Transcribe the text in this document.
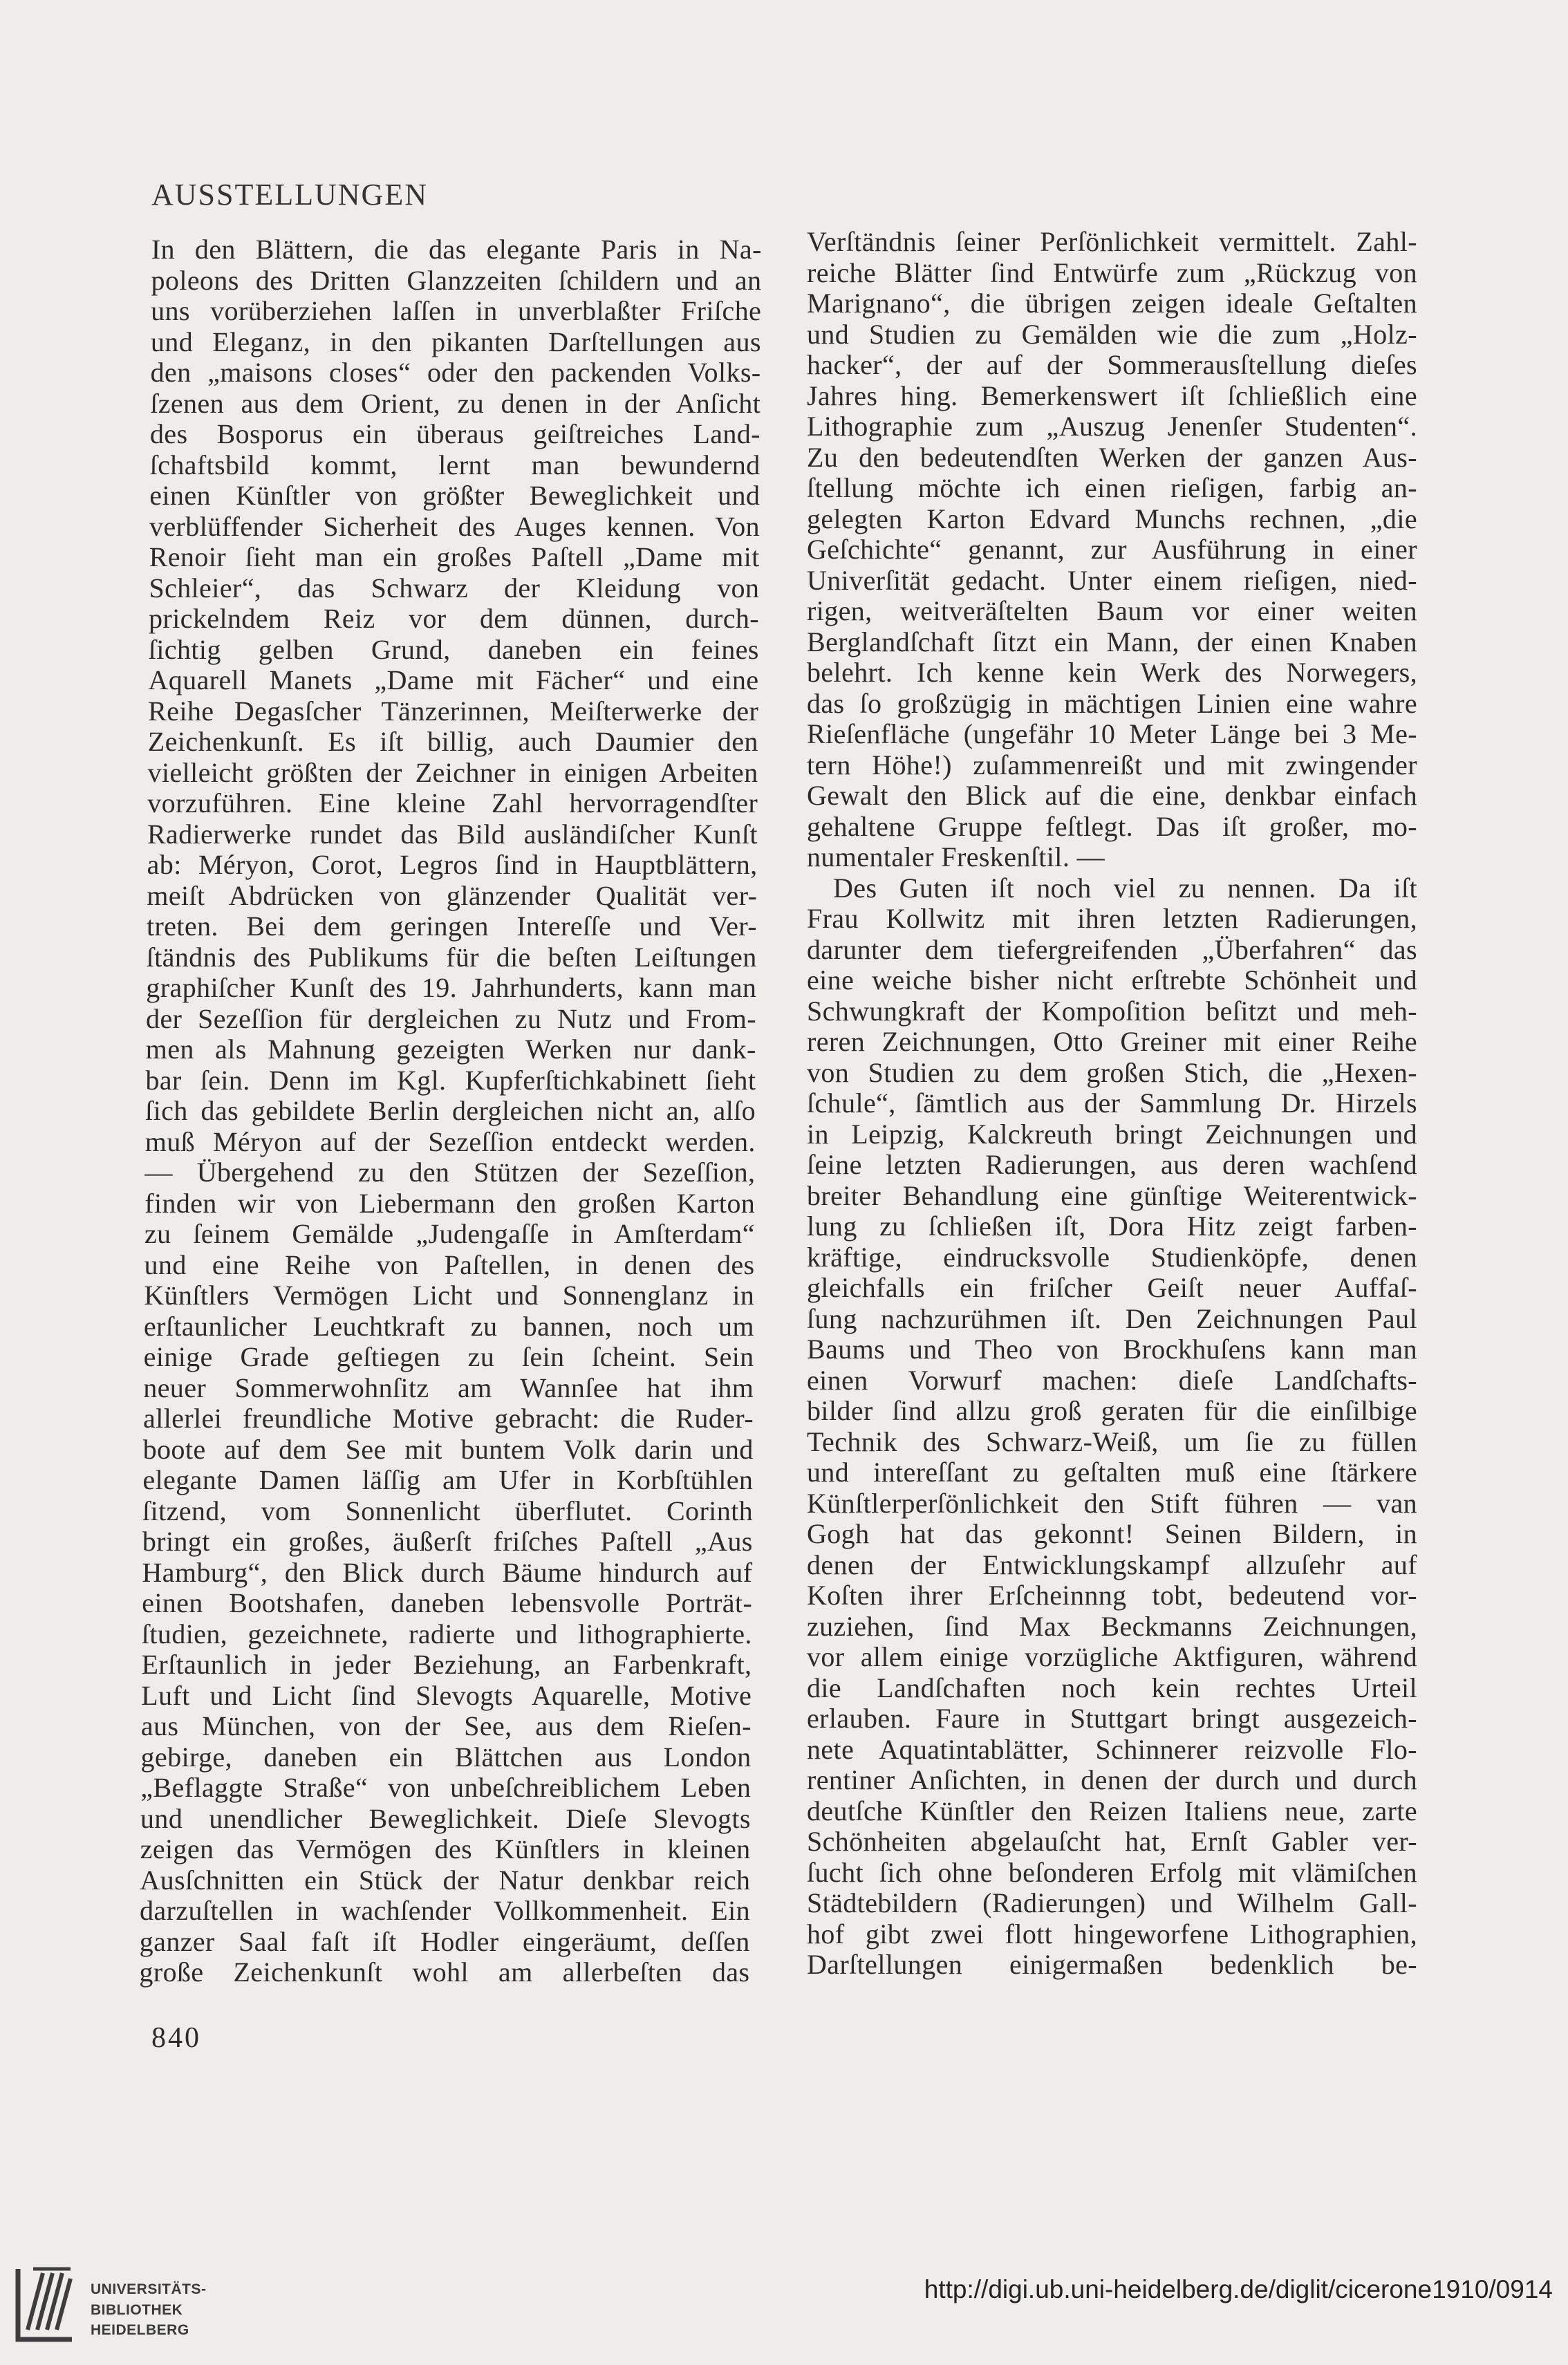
AUSSTELLUNGEN
In den Blättern, die das elegante Paris in Na-
poleons des Dritten Glanzzeiten ſchildern und an
uns vorüberziehen laſſen in unverblaßter Friſche
und Eleganz, in den pikanten Darſtellungen aus
den „maisons closes“ oder den packenden Volks-
ſzenen aus dem Orient, zu denen in der Anſicht
des Bosporus ein überaus geiſtreiches Land-
ſchaftsbild kommt, lernt man bewundernd
einen Künſtler von größter Beweglichkeit und
verblüffender Sicherheit des Auges kennen. Von
Renoir ſieht man ein großes Paſtell „Dame mit
Schleier“, das Schwarz der Kleidung von
prickelndem Reiz vor dem dünnen, durch-
ſichtig gelben Grund, daneben ein feines
Aquarell Manets „Dame mit Fächer“ und eine
Reihe Degasſcher Tänzerinnen, Meiſterwerke der
Zeichenkunſt. Es iſt billig, auch Daumier den
vielleicht größten der Zeichner in einigen Arbeiten
vorzuführen. Eine kleine Zahl hervorragendſter
Radierwerke rundet das Bild ausländiſcher Kunſt
ab: Méryon, Corot, Legros ſind in Hauptblättern,
meiſt Abdrücken von glänzender Qualität ver-
treten. Bei dem geringen Intereſſe und Ver-
ſtändnis des Publikums für die beſten Leiſtungen
graphiſcher Kunſt des 19. Jahrhunderts, kann man
der Sezeſſion für dergleichen zu Nutz und From-
men als Mahnung gezeigten Werken nur dank-
bar ſein. Denn im Kgl. Kupferſtichkabinett ſieht
ſich das gebildete Berlin dergleichen nicht an, alſo
muß Méryon auf der Sezeſſion entdeckt werden.
— Übergehend zu den Stützen der Sezeſſion,
finden wir von Liebermann den großen Karton
zu ſeinem Gemälde „Judengaſſe in Amſterdam“
und eine Reihe von Paſtellen, in denen des
Künſtlers Vermögen Licht und Sonnenglanz in
erſtaunlicher Leuchtkraft zu bannen, noch um
einige Grade geſtiegen zu ſein ſcheint. Sein
neuer Sommerwohnſitz am Wannſee hat ihm
allerlei freundliche Motive gebracht: die Ruder-
boote auf dem See mit buntem Volk darin und
elegante Damen läſſig am Ufer in Korbſtühlen
ſitzend, vom Sonnenlicht überflutet. Corinth
bringt ein großes, äußerſt friſches Paſtell „Aus
Hamburg“, den Blick durch Bäume hindurch auf
einen Bootshafen, daneben lebensvolle Porträt-
ſtudien, gezeichnete, radierte und lithographierte.
Erſtaunlich in jeder Beziehung, an Farbenkraft,
Luft und Licht ſind Slevogts Aquarelle, Motive
aus München, von der See, aus dem Rieſen-
gebirge, daneben ein Blättchen aus London
„Beflaggte Straße“ von unbeſchreiblichem Leben
und unendlicher Beweglichkeit. Dieſe Slevogts
zeigen das Vermögen des Künſtlers in kleinen
Ausſchnitten ein Stück der Natur denkbar reich
darzuſtellen in wachſender Vollkommenheit. Ein
ganzer Saal faſt iſt Hodler eingeräumt, deſſen
große Zeichenkunſt wohl am allerbeſten das
Verſtändnis ſeiner Perſönlichkeit vermittelt. Zahl-
reiche Blätter ſind Entwürfe zum „Rückzug von
Marignano“, die übrigen zeigen ideale Geſtalten
und Studien zu Gemälden wie die zum „Holz-
hacker“, der auf der Sommerausſtellung dieſes
Jahres hing. Bemerkenswert iſt ſchließlich eine
Lithographie zum „Auszug Jenenſer Studenten“.
Zu den bedeutendſten Werken der ganzen Aus-
ſtellung möchte ich einen rieſigen, farbig an-
gelegten Karton Edvard Munchs rechnen, „die
Geſchichte“ genannt, zur Ausführung in einer
Univerſität gedacht. Unter einem rieſigen, nied-
rigen, weitveräſtelten Baum vor einer weiten
Berglandſchaft ſitzt ein Mann, der einen Knaben
belehrt. Ich kenne kein Werk des Norwegers,
das ſo großzügig in mächtigen Linien eine wahre
Rieſenfläche (ungefähr 10 Meter Länge bei 3 Me-
tern Höhe!) zuſammenreißt und mit zwingender
Gewalt den Blick auf die eine, denkbar einfach
gehaltene Gruppe feſtlegt. Das iſt großer, mo-
numentaler Freskenſtil. —
Des Guten iſt noch viel zu nennen. Da iſt
Frau Kollwitz mit ihren letzten Radierungen,
darunter dem tiefergreifenden „Überfahren“ das
eine weiche bisher nicht erſtrebte Schönheit und
Schwungkraft der Kompoſition beſitzt und meh-
reren Zeichnungen, Otto Greiner mit einer Reihe
von Studien zu dem großen Stich, die „Hexen-
ſchule“, ſämtlich aus der Sammlung Dr. Hirzels
in Leipzig, Kalckreuth bringt Zeichnungen und
ſeine letzten Radierungen, aus deren wachſend
breiter Behandlung eine günſtige Weiterentwick-
lung zu ſchließen iſt, Dora Hitz zeigt farben-
kräftige, eindrucksvolle Studienköpfe, denen
gleichfalls ein friſcher Geiſt neuer Auffaſ-
ſung nachzurühmen iſt. Den Zeichnungen Paul
Baums und Theo von Brockhuſens kann man
einen Vorwurf machen: dieſe Landſchafts-
bilder ſind allzu groß geraten für die einſilbige
Technik des Schwarz-Weiß, um ſie zu füllen
und intereſſant zu geſtalten muß eine ſtärkere
Künſtlerperſönlichkeit den Stift führen — van
Gogh hat das gekonnt! Seinen Bildern, in
denen der Entwicklungskampf allzuſehr auf
Koſten ihrer Erſcheinnng tobt, bedeutend vor-
zuziehen, ſind Max Beckmanns Zeichnungen,
vor allem einige vorzügliche Aktfiguren, während
die Landſchaften noch kein rechtes Urteil
erlauben. Faure in Stuttgart bringt ausgezeich-
nete Aquatintablätter, Schinnerer reizvolle Flo-
rentiner Anſichten, in denen der durch und durch
deutſche Künſtler den Reizen Italiens neue, zarte
Schönheiten abgelauſcht hat, Ernſt Gabler ver-
ſucht ſich ohne beſonderen Erfolg mit vlämiſchen
Städtebildern (Radierungen) und Wilhelm Gall-
hof gibt zwei flott hingeworfene Lithographien,
Darſtellungen einigermaßen bedenklich be-
840
UNIVERSITÄTS-
BIBLIOTHEK
HEIDELBERG
http://digi.ub.uni-heidelberg.de/diglit/cicerone1910/0914
